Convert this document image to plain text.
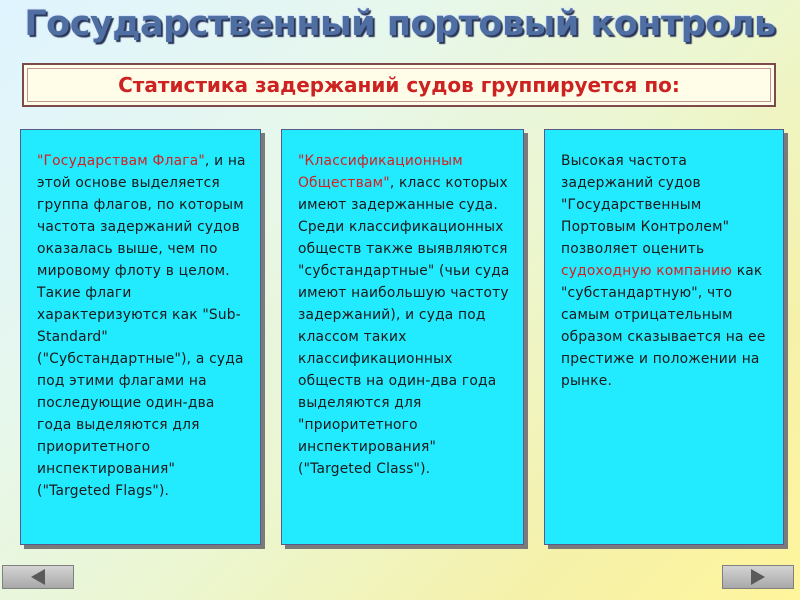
Государственный портовый контроль
Статистика задержаний судов группируется по:

"Государствам Флага", и на этой основе выделяется группа флагов, по которым частота задержаний судов оказалась выше, чем по мировому флоту в целом. Такие флаги характеризуются как "Sub-Standard" ("Субстандартные"), а суда под этими флагами на последующие один-два года выделяются для приоритетного инспектирования" ("Targeted Flags").

"Классификационным Обществам", класс которых имеют задержанные суда. Среди классификационных обществ также выявляются "субстандартные" (чьи суда имеют наибольшую частоту задержаний), и суда под классом таких классификационных обществ на один-два года выделяются для "приоритетного инспектирования" ("Targeted Class").

Высокая частота задержаний судов "Государственным Портовым Контролем" позволяет оценить судоходную компанию как "субстандартную", что самым отрицательным образом сказывается на ее престиже и положении на рынке.
